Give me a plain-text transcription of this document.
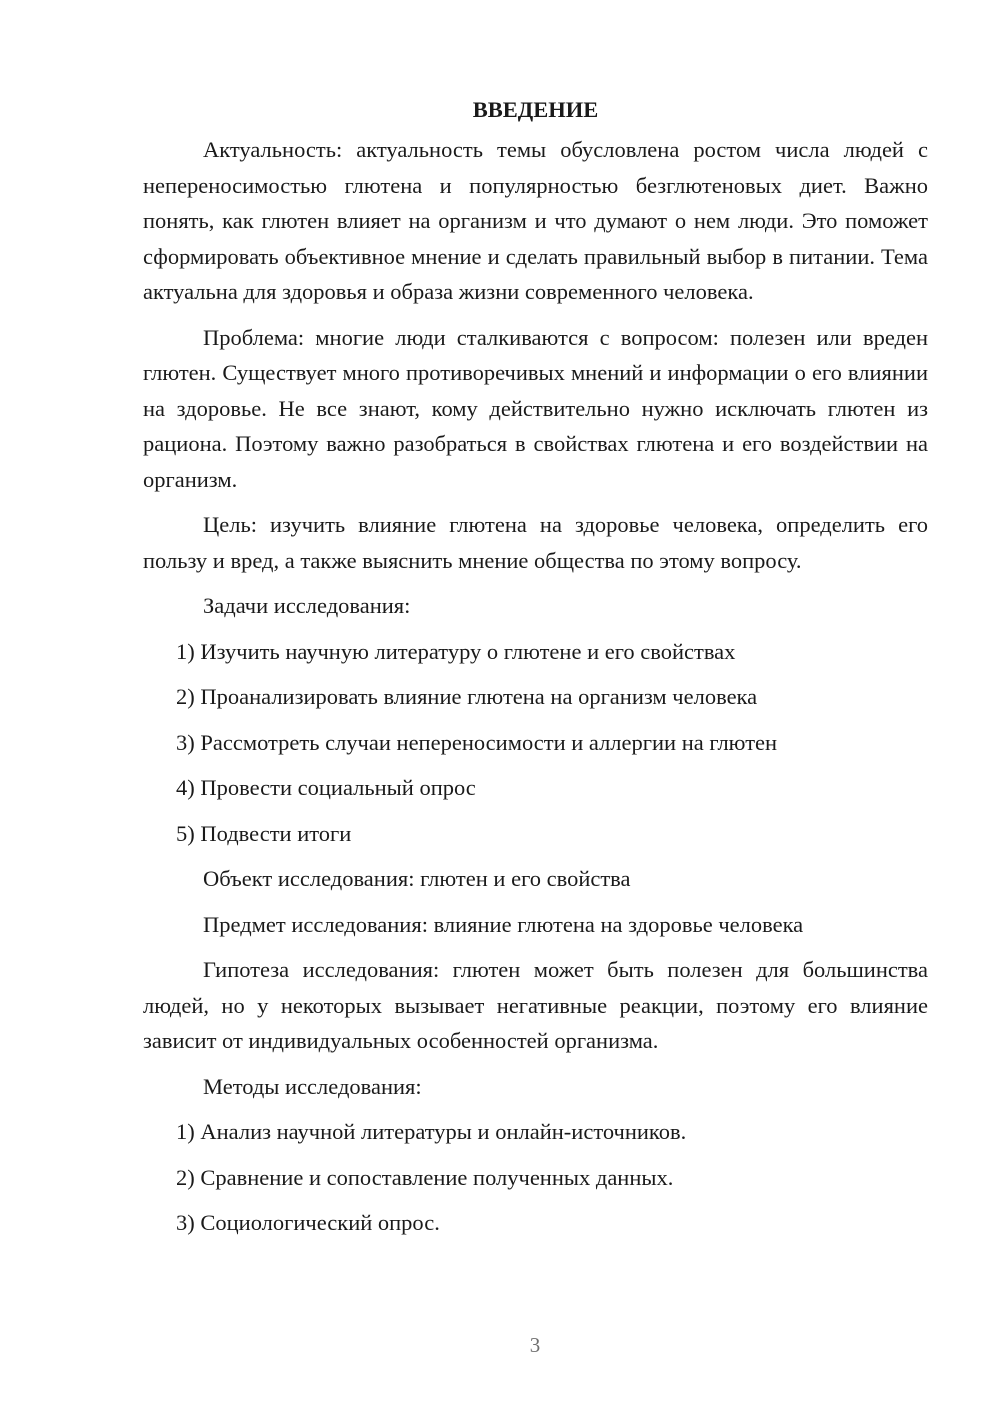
ВВЕДЕНИЕ

Актуальность: актуальность темы обусловлена ростом числа людей с непереносимостью глютена и популярностью безглютеновых диет. Важно понять, как глютен влияет на организм и что думают о нем люди. Это поможет сформировать объективное мнение и сделать правильный выбор в питании. Тема актуальна для здоровья и образа жизни современного человека.

Проблема: многие люди сталкиваются с вопросом: полезен или вреден глютен. Существует много противоречивых мнений и информации о его влиянии на здоровье. Не все знают, кому действительно нужно исключать глютен из рациона. Поэтому важно разобраться в свойствах глютена и его воздействии на организм.

Цель: изучить влияние глютена на здоровье человека, определить его пользу и вред, а также выяснить мнение общества по этому вопросу.

Задачи исследования:
1) Изучить научную литературу о глютене и его свойствах
2) Проанализировать влияние глютена на организм человека
3) Рассмотреть случаи непереносимости и аллергии на глютен
4) Провести социальный опрос
5) Подвести итоги
Объект исследования: глютен и его свойства
Предмет исследования: влияние глютена на здоровье человека

Гипотеза исследования: глютен может быть полезен для большинства людей, но у некоторых вызывает негативные реакции, поэтому его влияние зависит от индивидуальных особенностей организма.

Методы исследования:
1) Анализ научной литературы и онлайн-источников.
2) Сравнение и сопоставление полученных данных.
3) Социологический опрос.
3
